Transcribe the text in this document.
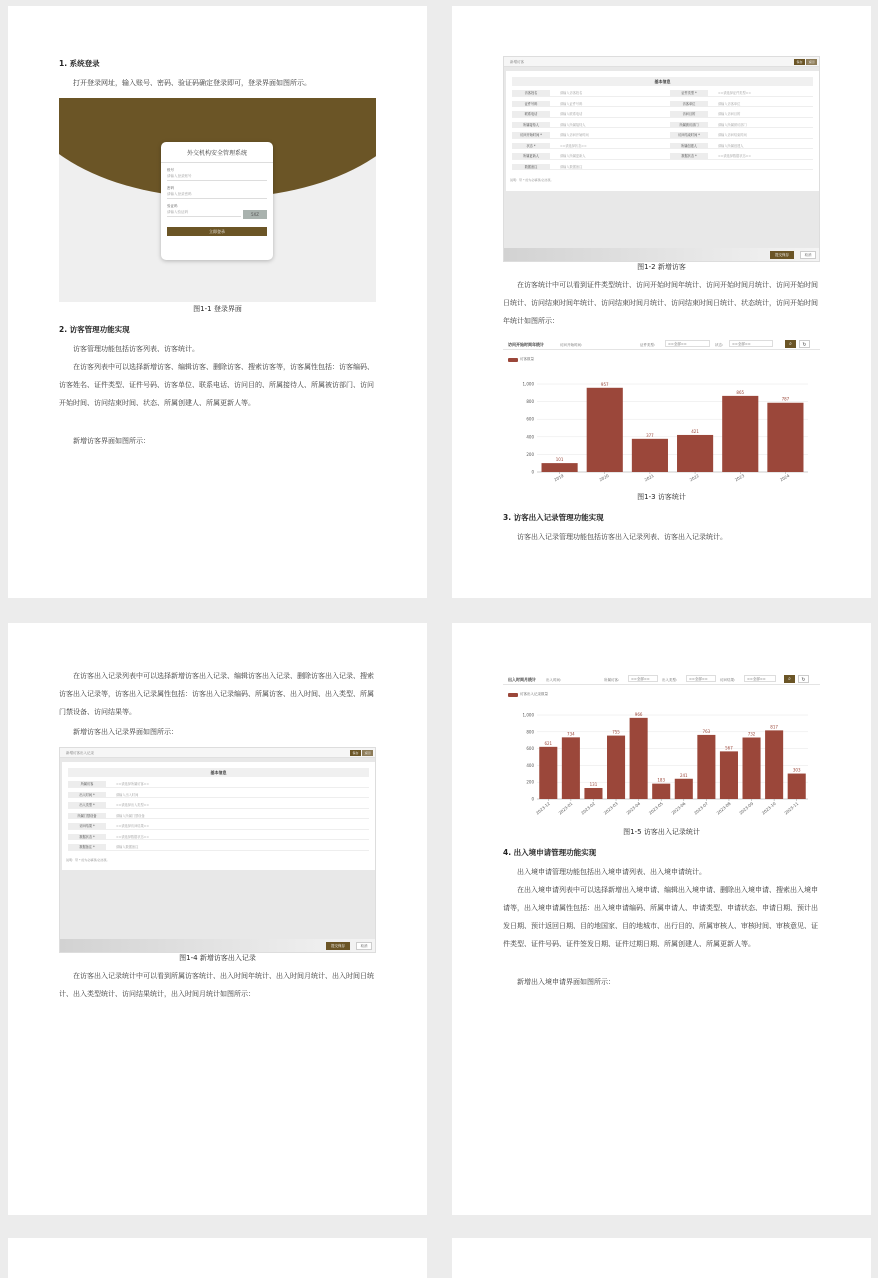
1. 系统登录
打开登录网址，输入账号、密码、验证码确定登录即可，登录界面如图所示。
外交机构安全管理系统
账号
请输入登录账号
密码
请输入登录密码
验证码
请输入验证码	5XZ
立即登录
图1-1 登录界面
2. 访客管理功能实现
访客管理功能包括访客列表、访客统计。
在访客列表中可以选择新增访客、编辑访客、删除访客、搜索访客等，访客属性包括：访客编码、访客姓名、证件类型、证件号码、访客单位、联系电话、访问目的、所属接待人、所属被访部门、访问开始时间、访问结束时间、状态、所属创建人、所属更新人等。
新增访客界面如图所示：
新增访客	保存	返回
基本信息
访客姓名	请输入访客姓名	证件类型 *	==请选择证件类型==
证件号码	请输入证件号码	访客单位	请输入访客单位
联系电话	请输入联系电话	访问目的	请输入访问目的
所属接待人	请输入所属接待人	所属被访部门	请输入所属被访部门
访问开始时间 *	请输入访问开始时间	访问结束时间 *	请输入访问结束时间
状态 *	==请选择状态==	所属创建人	请输入所属创建人
所属更新人	请输入所属更新人	数据状态 *	==请选择数据状态==
数据备注	请输入数据备注
说明：带 * 的为必填项/必选项。
提交保存	取消
图1-2 新增访客
在访客统计中可以看到证件类型统计、访问开始时间年统计、访问开始时间月统计、访问开始时间日统计、访问结束时间年统计、访问结束时间月统计、访问结束时间日统计、状态统计，访问开始时间年统计如图所示：
访问开始时间年统计	访问开始时间:	证件类型:	==全部==	状态:	==全部==	⌕	↻
访客数量
0
200
400
600
800
1,000
101
2019
957
2020
377
2021
421
2022
865
2023
787
2024
图1-3 访客统计
3. 访客出入记录管理功能实现
访客出入记录管理功能包括访客出入记录列表、访客出入记录统计。
在访客出入记录列表中可以选择新增访客出入记录、编辑访客出入记录、删除访客出入记录、搜索访客出入记录等，访客出入记录属性包括：访客出入记录编码、所属访客、出入时间、出入类型、所属门禁设备、访问结果等。
新增访客出入记录界面如图所示：
新增访客出入记录	保存	返回
基本信息
所属访客	==请选择所属访客==
出入时间 *	请输入出入时间
出入类型 *	==请选择出入类型==
所属门禁设备	请输入所属门禁设备
访问结果 *	==请选择访问结果==
数据状态 *	==请选择数据状态==
数据备注 *	请输入数据备注
说明：带 * 的为必填项/必选项。
提交保存	取消
图1-4 新增访客出入记录
在访客出入记录统计中可以看到所属访客统计、出入时间年统计、出入时间月统计、出入时间日统计、出入类型统计、访问结果统计，出入时间月统计如图所示：
出入时间月统计	出入时间:	所属访客:	==全部==	出入类型:	==全部==	访问结果:	==全部==	⌕	↻
访客出入记录数量
0
200
400
600
800
1,000
621
2023-12
734
2023-01
131
2023-02
755
2023-03
966
2023-04
183
2023-05
241
2023-06
763
2023-07
567
2023-08
732
2023-09
817
2023-10
303
2023-11
图1-5 访客出入记录统计
4. 出入境申请管理功能实现
出入境申请管理功能包括出入境申请列表、出入境申请统计。
在出入境申请列表中可以选择新增出入境申请、编辑出入境申请、删除出入境申请、搜索出入境申请等，出入境申请属性包括：出入境申请编码、所属申请人、申请类型、申请状态、申请日期、预计出发日期、预计返回日期、目的地国家、目的地城市、出行目的、所属审核人、审核时间、审核意见、证件类型、证件号码、证件签发日期、证件过期日期、所属创建人、所属更新人等。
新增出入境申请界面如图所示：
